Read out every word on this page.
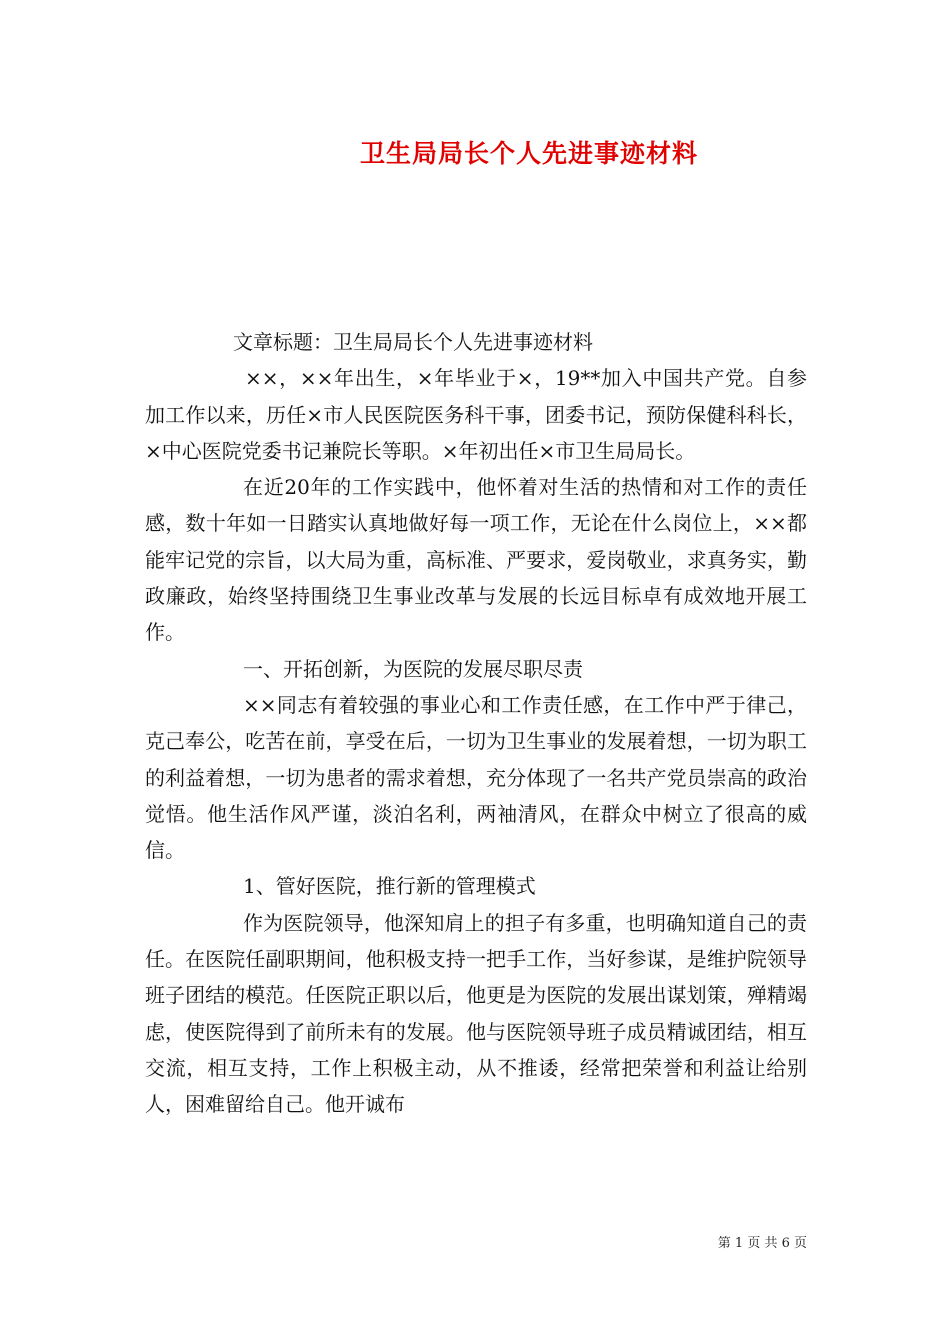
卫生局局长个人先进事迹材料

文章标题：卫生局局长个人先进事迹材料

××，××年出生，×年毕业于×，19**加入中国共产党。自参加工作以来，历任×市人民医院医务科干事，团委书记，预防保健科科长，×中心医院党委书记兼院长等职。×年初出任×市卫生局局长。

在近20年的工作实践中，他怀着对生活的热情和对工作的责任感，数十年如一日踏实认真地做好每一项工作，无论在什么岗位上，××都能牢记党的宗旨，以大局为重，高标准、严要求，爱岗敬业，求真务实，勤政廉政，始终坚持围绕卫生事业改革与发展的长远目标卓有成效地开展工作。

一、开拓创新，为医院的发展尽职尽责

××同志有着较强的事业心和工作责任感，在工作中严于律己，克己奉公，吃苦在前，享受在后，一切为卫生事业的发展着想，一切为职工的利益着想，一切为患者的需求着想，充分体现了一名共产党员崇高的政治觉悟。他生活作风严谨，淡泊名利，两袖清风，在群众中树立了很高的威信。

1、管好医院，推行新的管理模式

作为医院领导，他深知肩上的担子有多重，也明确知道自己的责任。在医院任副职期间，他积极支持一把手工作，当好参谋，是维护院领导班子团结的模范。任医院正职以后，他更是为医院的发展出谋划策，殚精竭虑，使医院得到了前所未有的发展。他与医院领导班子成员精诚团结，相互交流，相互支持，工作上积极主动，从不推诿，经常把荣誉和利益让给别人，困难留给自己。他开诚布

第 1 页 共 6 页
